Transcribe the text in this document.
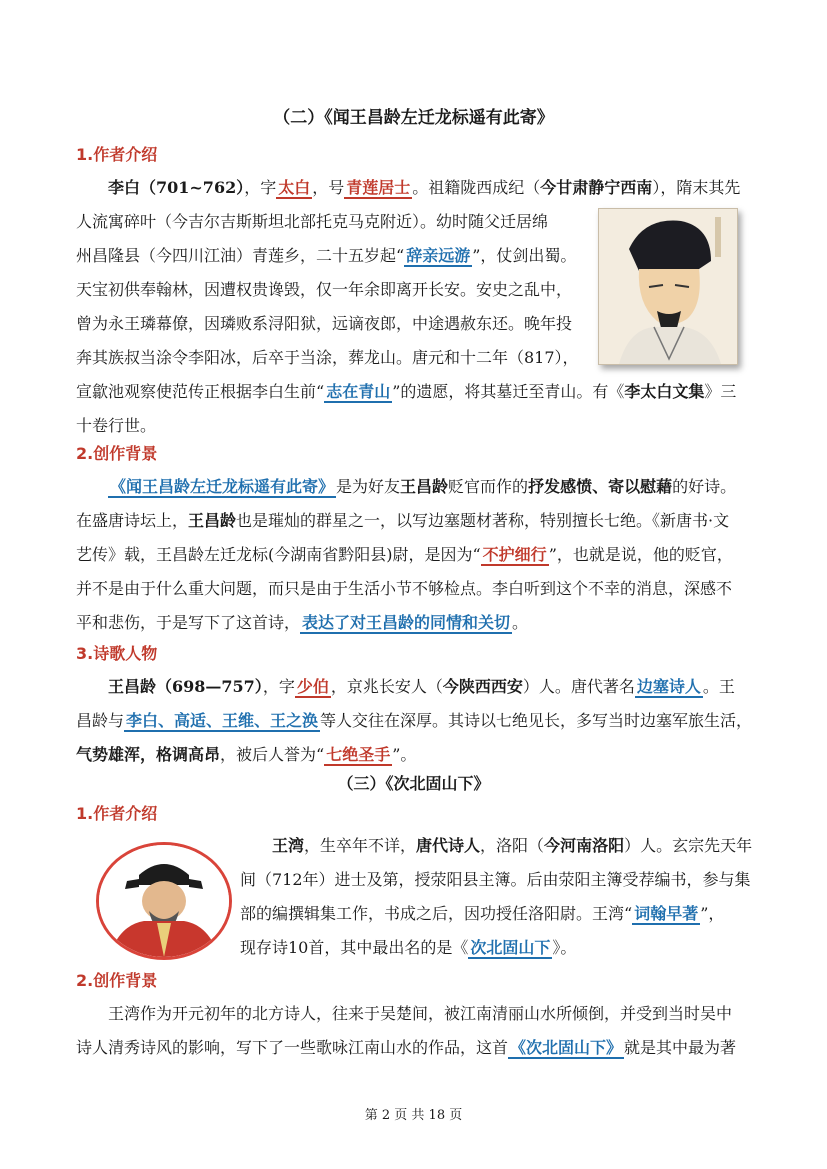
（二）《闻王昌龄左迁龙标遥有此寄》
1.作者介绍

李白（701~762），字 太白 ，号 青莲居士 。祖籍陇西成纪（今甘肃静宁西南），隋末其先

人流寓碎叶（今吉尔吉斯斯坦北部托克马克附近）。幼时随父迁居绵

州昌隆县（今四川江油）青莲乡，二十五岁起“ 辞亲远游 ”，仗剑出蜀。

天宝初供奉翰林，因遭权贵谗毁，仅一年余即离开长安。安史之乱中，

曾为永王璘幕僚，因璘败系浔阳狱，远谪夜郎，中途遇赦东还。晚年投

奔其族叔当涂令李阳冰，后卒于当涂，葬龙山。唐元和十二年（817），

宣歙池观察使范传正根据李白生前“ 志在青山 ”的遗愿，将其墓迁至青山。有《李太白文集》三

十卷行世。

2.创作背景

《闻王昌龄左迁龙标遥有此寄》 是为好友王昌龄贬官而作的抒发感愤、寄以慰藉的好诗。

在盛唐诗坛上，王昌龄也是璀灿的群星之一，以写边塞题材著称，特别擅长七绝。《新唐书·文

艺传》载，王昌龄左迁龙标(今湖南省黔阳县)尉，是因为“ 不护细行 ”，也就是说，他的贬官，

并不是由于什么重大问题，而只是由于生活小节不够检点。李白听到这个不幸的消息，深感不

平和悲伤，于是写下了这首诗， 表达了对王昌龄的同情和关切 。

3.诗歌人物

王昌龄（698—757），字 少伯 ，京兆长安人（今陕西西安）人。唐代著名 边塞诗人 。王

昌龄与 李白、高适、王维、王之涣 等人交往在深厚。其诗以七绝见长，多写当时边塞军旅生活，

气势雄浑，格调高昂，被后人誉为“ 七绝圣手 ”。

（三）《次北固山下》
1.作者介绍

王湾，生卒年不详，唐代诗人，洛阳（今河南洛阳）人。玄宗先天年

间（712年）进士及第，授荥阳县主簿。后由荥阳主簿受荐编书，参与集

部的编撰辑集工作，书成之后，因功授任洛阳尉。王湾“ 词翰早著 ”，

现存诗10首，其中最出名的是《 次北固山下 》。

2.创作背景

王湾作为开元初年的北方诗人，往来于吴楚间，被江南清丽山水所倾倒，并受到当时吴中

诗人清秀诗风的影响，写下了一些歌咏江南山水的作品，这首 《次北固山下》 就是其中最为著

第 2 页 共 18 页
